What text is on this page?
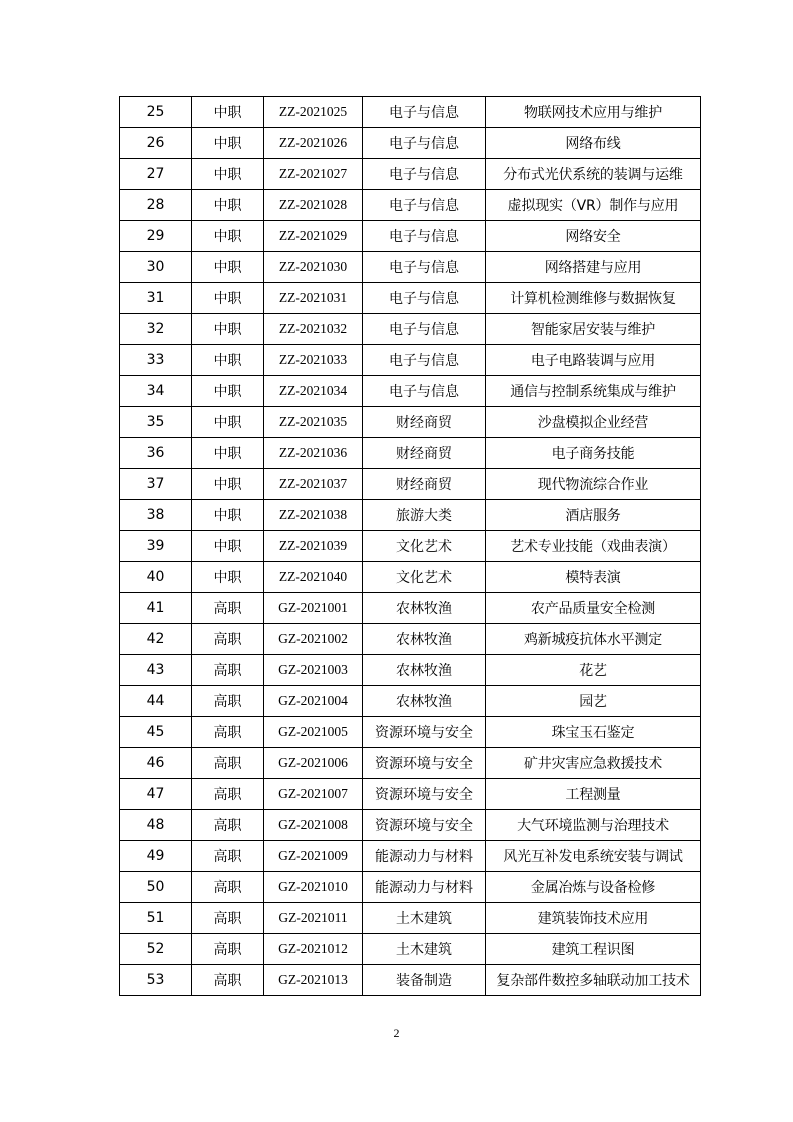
25	中职	ZZ-2021025	电子与信息	物联网技术应用与维护
26	中职	ZZ-2021026	电子与信息	网络布线
27	中职	ZZ-2021027	电子与信息	分布式光伏系统的装调与运维
28	中职	ZZ-2021028	电子与信息	虚拟现实（VR）制作与应用
29	中职	ZZ-2021029	电子与信息	网络安全
30	中职	ZZ-2021030	电子与信息	网络搭建与应用
31	中职	ZZ-2021031	电子与信息	计算机检测维修与数据恢复
32	中职	ZZ-2021032	电子与信息	智能家居安装与维护
33	中职	ZZ-2021033	电子与信息	电子电路装调与应用
34	中职	ZZ-2021034	电子与信息	通信与控制系统集成与维护
35	中职	ZZ-2021035	财经商贸	沙盘模拟企业经营
36	中职	ZZ-2021036	财经商贸	电子商务技能
37	中职	ZZ-2021037	财经商贸	现代物流综合作业
38	中职	ZZ-2021038	旅游大类	酒店服务
39	中职	ZZ-2021039	文化艺术	艺术专业技能（戏曲表演）
40	中职	ZZ-2021040	文化艺术	模特表演
41	高职	GZ-2021001	农林牧渔	农产品质量安全检测
42	高职	GZ-2021002	农林牧渔	鸡新城疫抗体水平测定
43	高职	GZ-2021003	农林牧渔	花艺
44	高职	GZ-2021004	农林牧渔	园艺
45	高职	GZ-2021005	资源环境与安全	珠宝玉石鉴定
46	高职	GZ-2021006	资源环境与安全	矿井灾害应急救援技术
47	高职	GZ-2021007	资源环境与安全	工程测量
48	高职	GZ-2021008	资源环境与安全	大气环境监测与治理技术
49	高职	GZ-2021009	能源动力与材料	风光互补发电系统安装与调试
50	高职	GZ-2021010	能源动力与材料	金属冶炼与设备检修
51	高职	GZ-2021011	土木建筑	建筑装饰技术应用
52	高职	GZ-2021012	土木建筑	建筑工程识图
53	高职	GZ-2021013	装备制造	复杂部件数控多轴联动加工技术
2
